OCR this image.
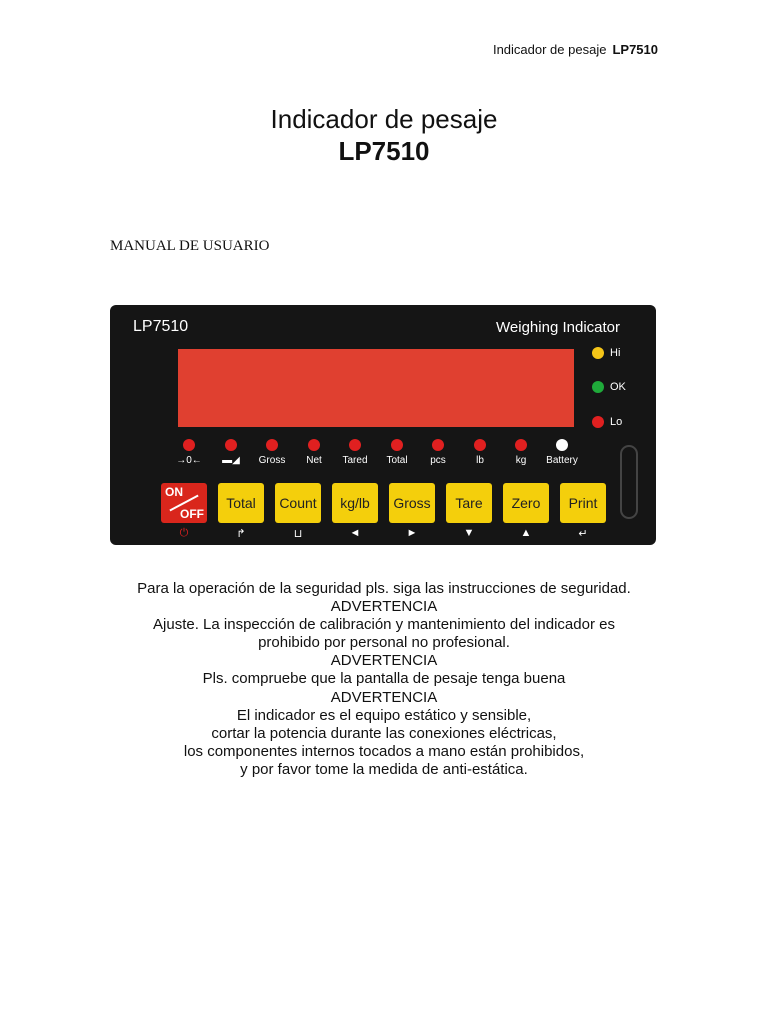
Indicador de pesaje LP7510
Indicador de pesaje
LP7510
MANUAL DE USUARIO
LP7510	Weighing Indicator
Hi
OK
Lo
→0←	▬◢	Gross	Net	Tared	Total	pcs	lb	kg	Battery
ON
OFF
Total	Count	kg/lb	Gross	Tare	Zero	Print
⏻	↱	⊔	◄	►	▼	▲	↵

Para la operación de la seguridad pls. siga las instrucciones de seguridad.

ADVERTENCIA

Ajuste. La inspección de calibración y mantenimiento del indicador es

prohibido por personal no profesional.

ADVERTENCIA

Pls. compruebe que la pantalla de pesaje tenga buena

ADVERTENCIA

El indicador es el equipo estático y sensible,

cortar la potencia durante las conexiones eléctricas,

los componentes internos tocados a mano están prohibidos,

y por favor tome la medida de anti-estática.
